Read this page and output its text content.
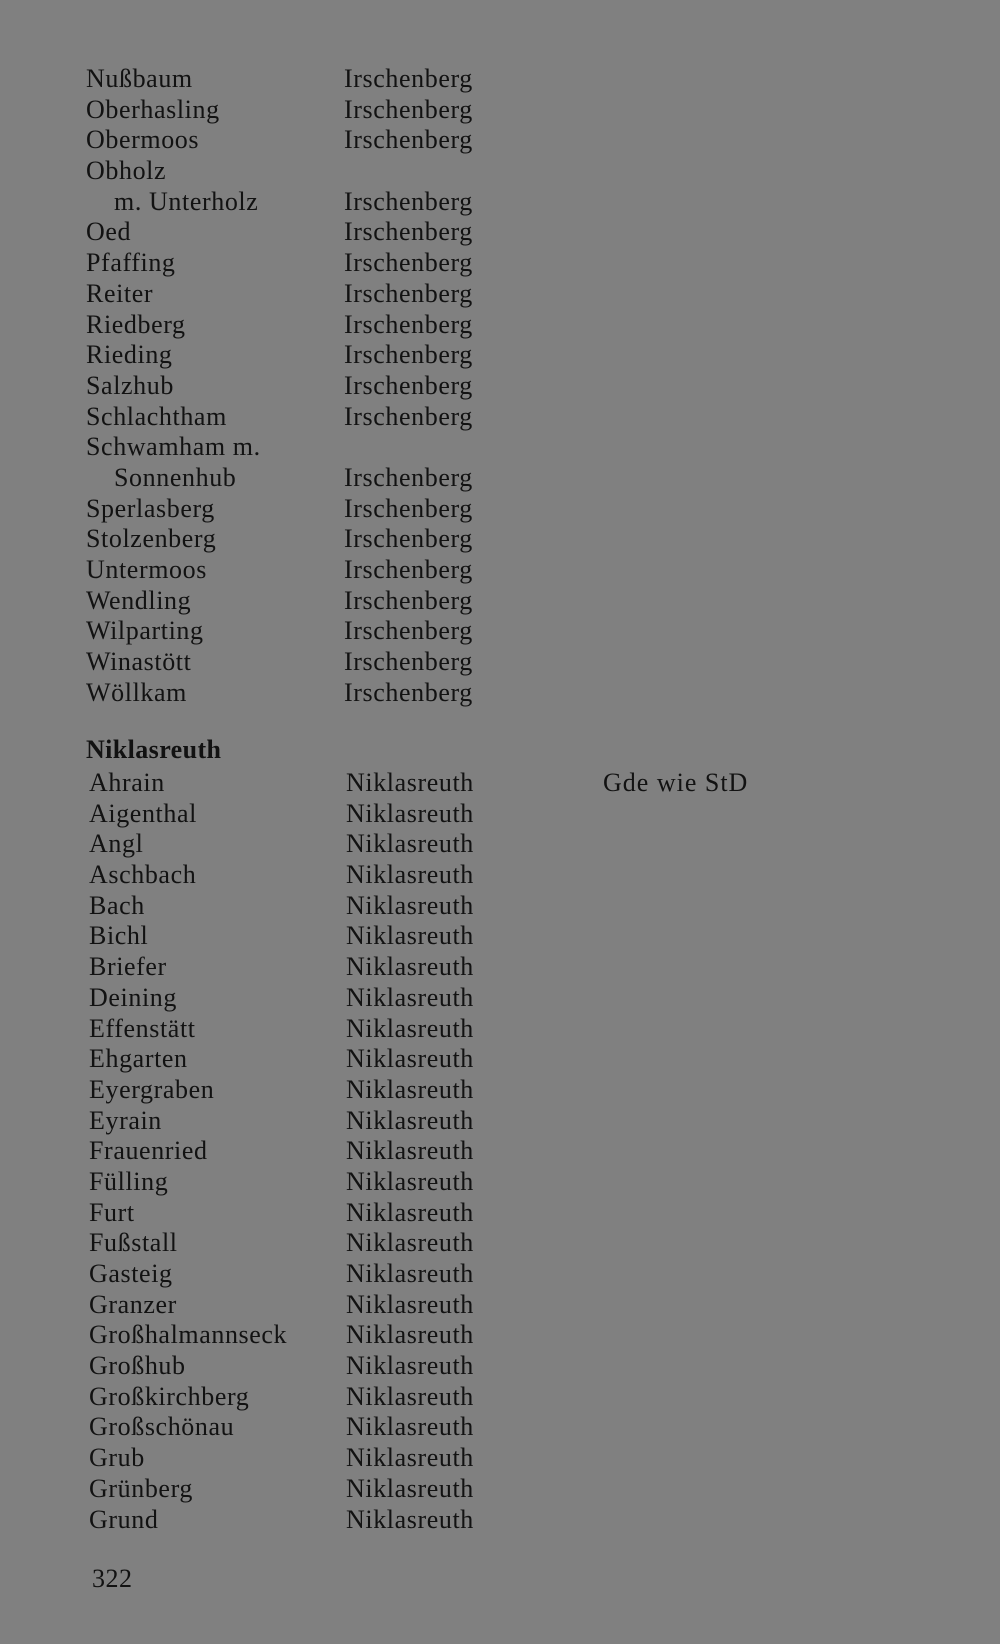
Nußbaum	Irschenberg
Oberhasling	Irschenberg
Obermoos	Irschenberg
Obholz
m. Unterholz	Irschenberg
Oed	Irschenberg
Pfaffing	Irschenberg
Reiter	Irschenberg
Riedberg	Irschenberg
Rieding	Irschenberg
Salzhub	Irschenberg
Schlachtham	Irschenberg
Schwamham m.
Sonnenhub	Irschenberg
Sperlasberg	Irschenberg
Stolzenberg	Irschenberg
Untermoos	Irschenberg
Wendling	Irschenberg
Wilparting	Irschenberg
Winastött	Irschenberg
Wöllkam	Irschenberg
Niklasreuth
Ahrain	Niklasreuth	Gde wie StD
Aigenthal	Niklasreuth
Angl	Niklasreuth
Aschbach	Niklasreuth
Bach	Niklasreuth
Bichl	Niklasreuth
Briefer	Niklasreuth
Deining	Niklasreuth
Effenstätt	Niklasreuth
Ehgarten	Niklasreuth
Eyergraben	Niklasreuth
Eyrain	Niklasreuth
Frauenried	Niklasreuth
Fülling	Niklasreuth
Furt	Niklasreuth
Fußstall	Niklasreuth
Gasteig	Niklasreuth
Granzer	Niklasreuth
Großhalmannseck Niklasreuth
Großhub	Niklasreuth
Großkirchberg	Niklasreuth
Großschönau	Niklasreuth
Grub	Niklasreuth
Grünberg	Niklasreuth
Grund	Niklasreuth
322
